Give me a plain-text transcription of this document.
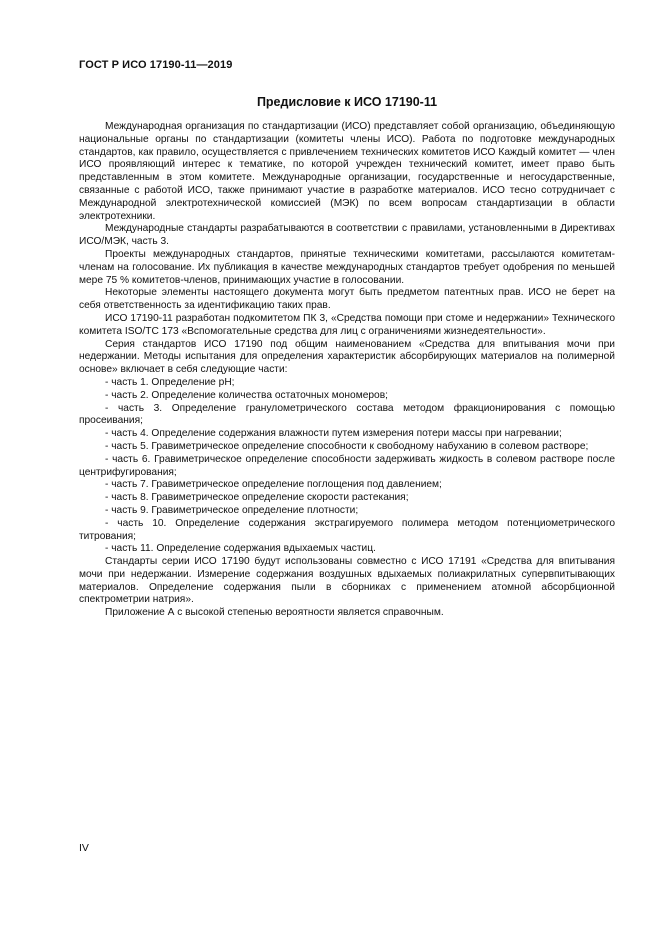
ГОСТ Р ИСО 17190-11—2019
Предисловие к ИСО 17190-11

Международная организация по стандартизации (ИСО) представляет собой организацию, объединяющую национальные органы по стандартизации (комитеты члены ИСО). Работа по подготовке международных стандартов, как правило, осуществляется с привлечением технических комитетов ИСО Каждый комитет — член ИСО проявляющий интерес к тематике, по которой учрежден технический комитет, имеет право быть представленным в этом комитете. Международные организации, государственные и негосударственные, связанные с работой ИСО, также принимают участие в разработке материалов. ИСО тесно сотрудничает с Международной электротехнической комиссией (МЭК) по всем вопросам стандартизации в области электротехники.

Международные стандарты разрабатываются в соответствии с правилами, установленными в Директивах ИСО/МЭК, часть 3.

Проекты международных стандартов, принятые техническими комитетами, рассылаются комитетам-членам на голосование. Их публикация в качестве международных стандартов требует одобрения по меньшей мере 75 % комитетов-членов, принимающих участие в голосовании.

Некоторые элементы настоящего документа могут быть предметом патентных прав. ИСО не берет на себя ответственность за идентификацию таких прав.

ИСО 17190-11 разработан подкомитетом ПК 3, «Средства помощи при стоме и недержании» Технического комитета ISO/TC 173 «Вспомогательные средства для лиц с ограничениями жизнедеятельности».

Серия стандартов ИСО 17190 под общим наименованием «Средства для впитывания мочи при недержании. Методы испытания для определения характеристик абсорбирующих материалов на полимерной основе» включает в себя следующие части:

- часть 1. Определение pH;

- часть 2. Определение количества остаточных мономеров;

- часть 3. Определение гранулометрического состава методом фракционирования с помощью просеивания;

- часть 4. Определение содержания влажности путем измерения потери массы при нагревании;

- часть 5. Гравиметрическое определение способности к свободному набуханию в солевом растворе;

- часть 6. Гравиметрическое определение способности задерживать жидкость в солевом растворе после центрифугирования;

- часть 7. Гравиметрическое определение поглощения под давлением;

- часть 8. Гравиметрическое определение скорости растекания;

- часть 9. Гравиметрическое определение плотности;

- часть 10. Определение содержания экстрагируемого полимера методом потенциометрического титрования;

- часть 11. Определение содержания вдыхаемых частиц.

Стандарты серии ИСО 17190 будут использованы совместно с ИСО 17191 «Средства для впитывания мочи при недержании. Измерение содержания воздушных вдыхаемых полиакрилатных супервпитывающих материалов. Определение содержания пыли в сборниках с применением атомной абсорбционной спектрометрии натрия».

Приложение А с высокой степенью вероятности является справочным.

IV
